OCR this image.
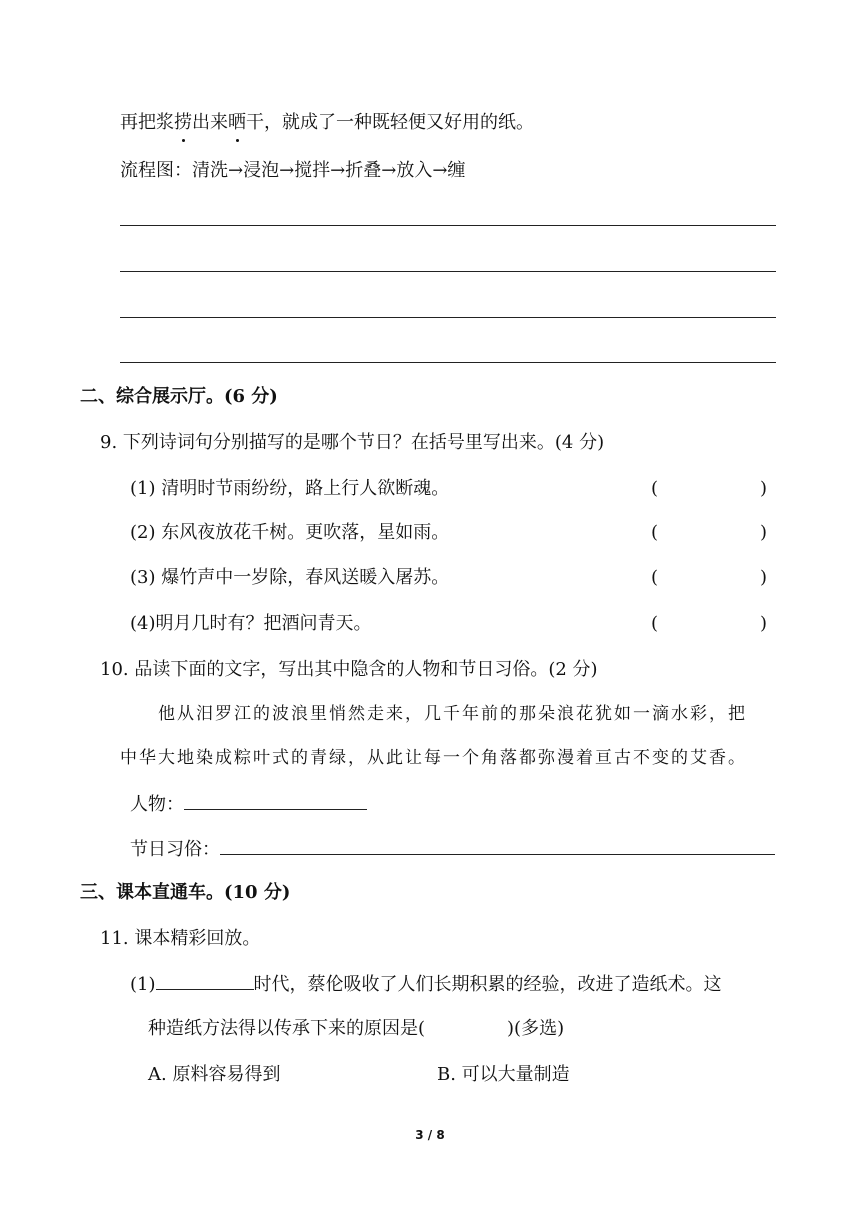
再把浆捞出来晒干，就成了一种既轻便又好用的纸。
流程图：清洗→浸泡→搅拌→折叠→放入→缠
二、综合展示厅。(6 分)
9. 下列诗词句分别描写的是哪个节日？在括号里写出来。(4 分)
(1) 清明时节雨纷纷，路上行人欲断魂。	(	)
(2) 东风夜放花千树。更吹落，星如雨。	(	)
(3) 爆竹声中一岁除，春风送暖入屠苏。	(	)
(4)明月几时有？把酒问青天。	(	)
10. 品读下面的文字，写出其中隐含的人物和节日习俗。(2 分)
他从汨罗江的波浪里悄然走来，几千年前的那朵浪花犹如一滴水彩，把
中华大地染成粽叶式的青绿，从此让每一个角落都弥漫着亘古不变的艾香。
人物：
节日习俗：
三、课本直通车。(10 分)
11. 课本精彩回放。
(1)	时代，蔡伦吸收了人们长期积累的经验，改进了造纸术。这
种造纸方法得以传承下来的原因是(	)(多选)
A. 原料容易得到	B. 可以大量制造
3 / 8
